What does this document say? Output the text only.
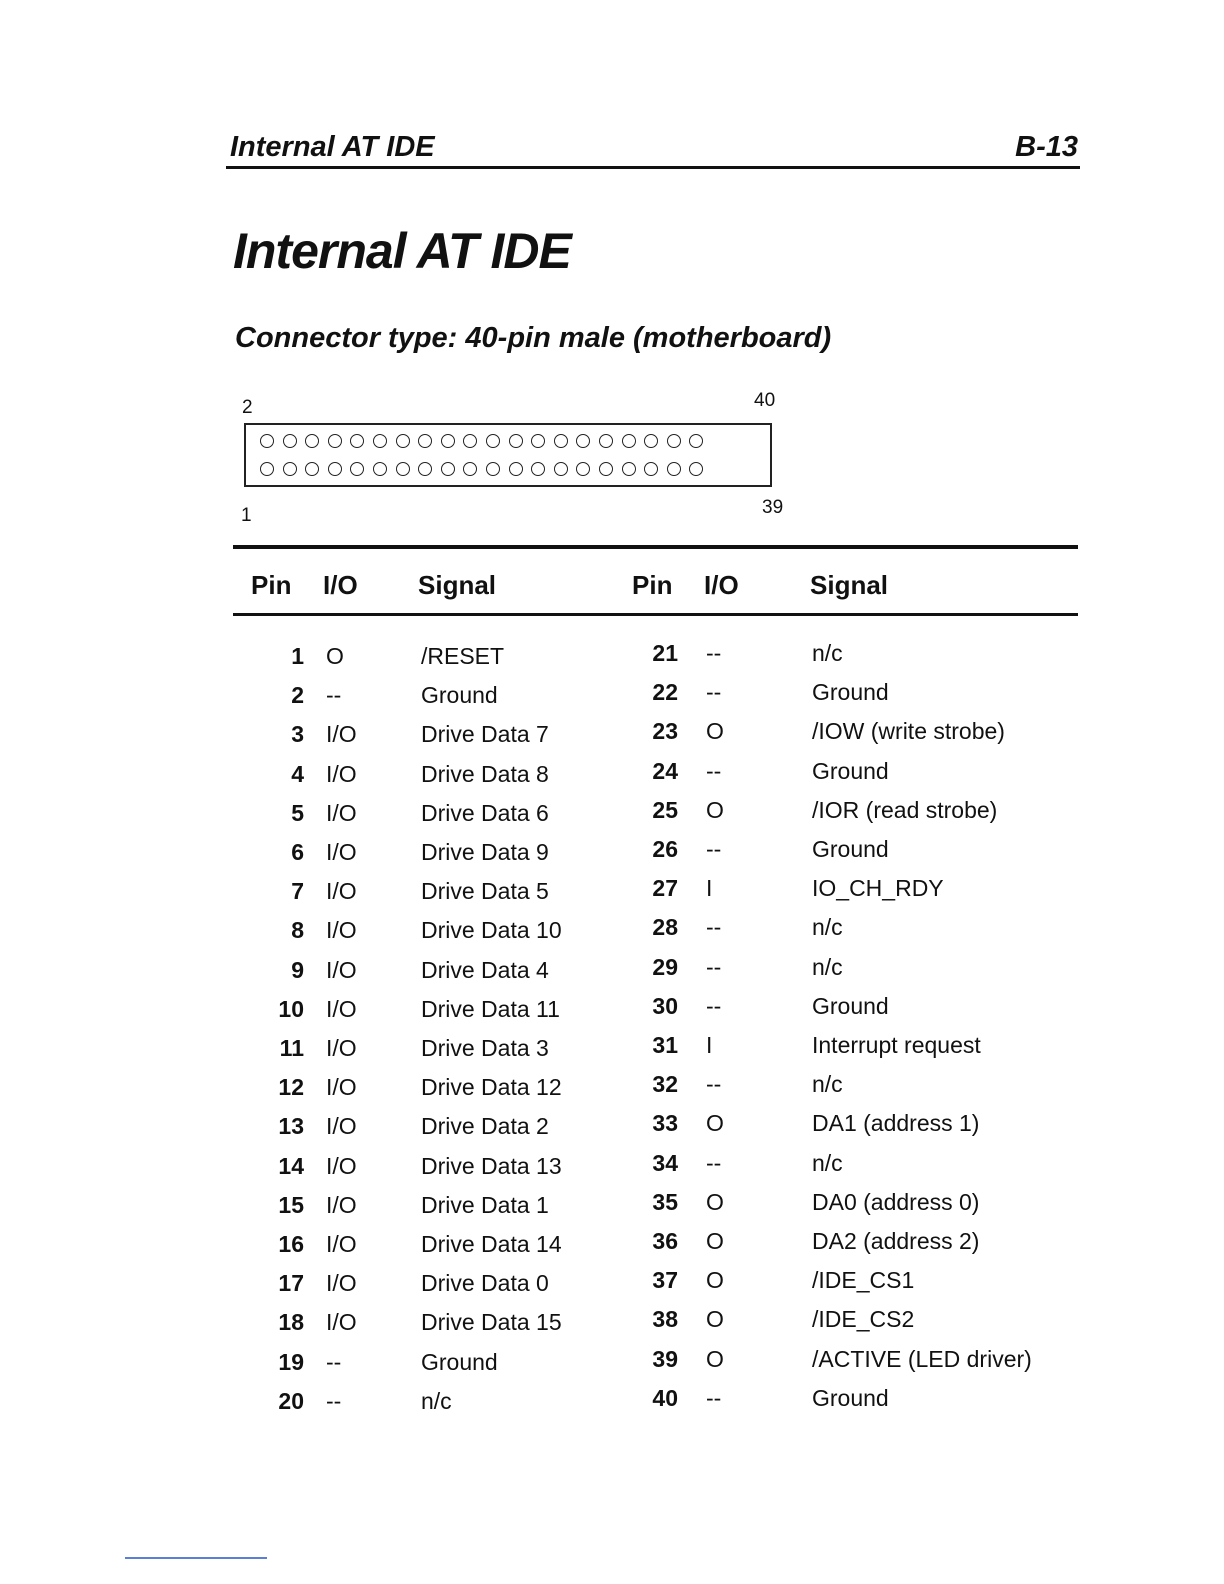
Internal AT IDE	B-13
Internal AT IDE
Connector type: 40-pin male (motherboard)
2	40
1	39
Pin I/O Signal	Pin I/O	Signal
1 O	/RESET	21 --	n/c
2 --	Ground	22 --	Ground
3 I/O	Drive Data 7	23 O	/IOW (write strobe)
4 I/O	Drive Data 8	24 --	Ground
5 I/O	Drive Data 6	25 O	/IOR (read strobe)
6 I/O	Drive Data 9	26 --	Ground
7 I/O	Drive Data 5	27 I	IO_CH_RDY
8 I/O	Drive Data 10	28 --	n/c
9 I/O	Drive Data 4	29 --	n/c
10 I/O	Drive Data 11	30 --	Ground
11 I/O	Drive Data 3	31 I	Interrupt request
12 I/O	Drive Data 12	32 --	n/c
13 I/O	Drive Data 2	33 O	DA1 (address 1)
14 I/O	Drive Data 13	34 --	n/c
15 I/O	Drive Data 1	35 O	DA0 (address 0)
16 I/O	Drive Data 14	36 O	DA2 (address 2)
17 I/O	Drive Data 0	37 O	/IDE_CS1
18 I/O	Drive Data 15	38 O	/IDE_CS2
19 --	Ground	39 O	/ACTIVE (LED driver)
20 --	n/c	40 --	Ground
